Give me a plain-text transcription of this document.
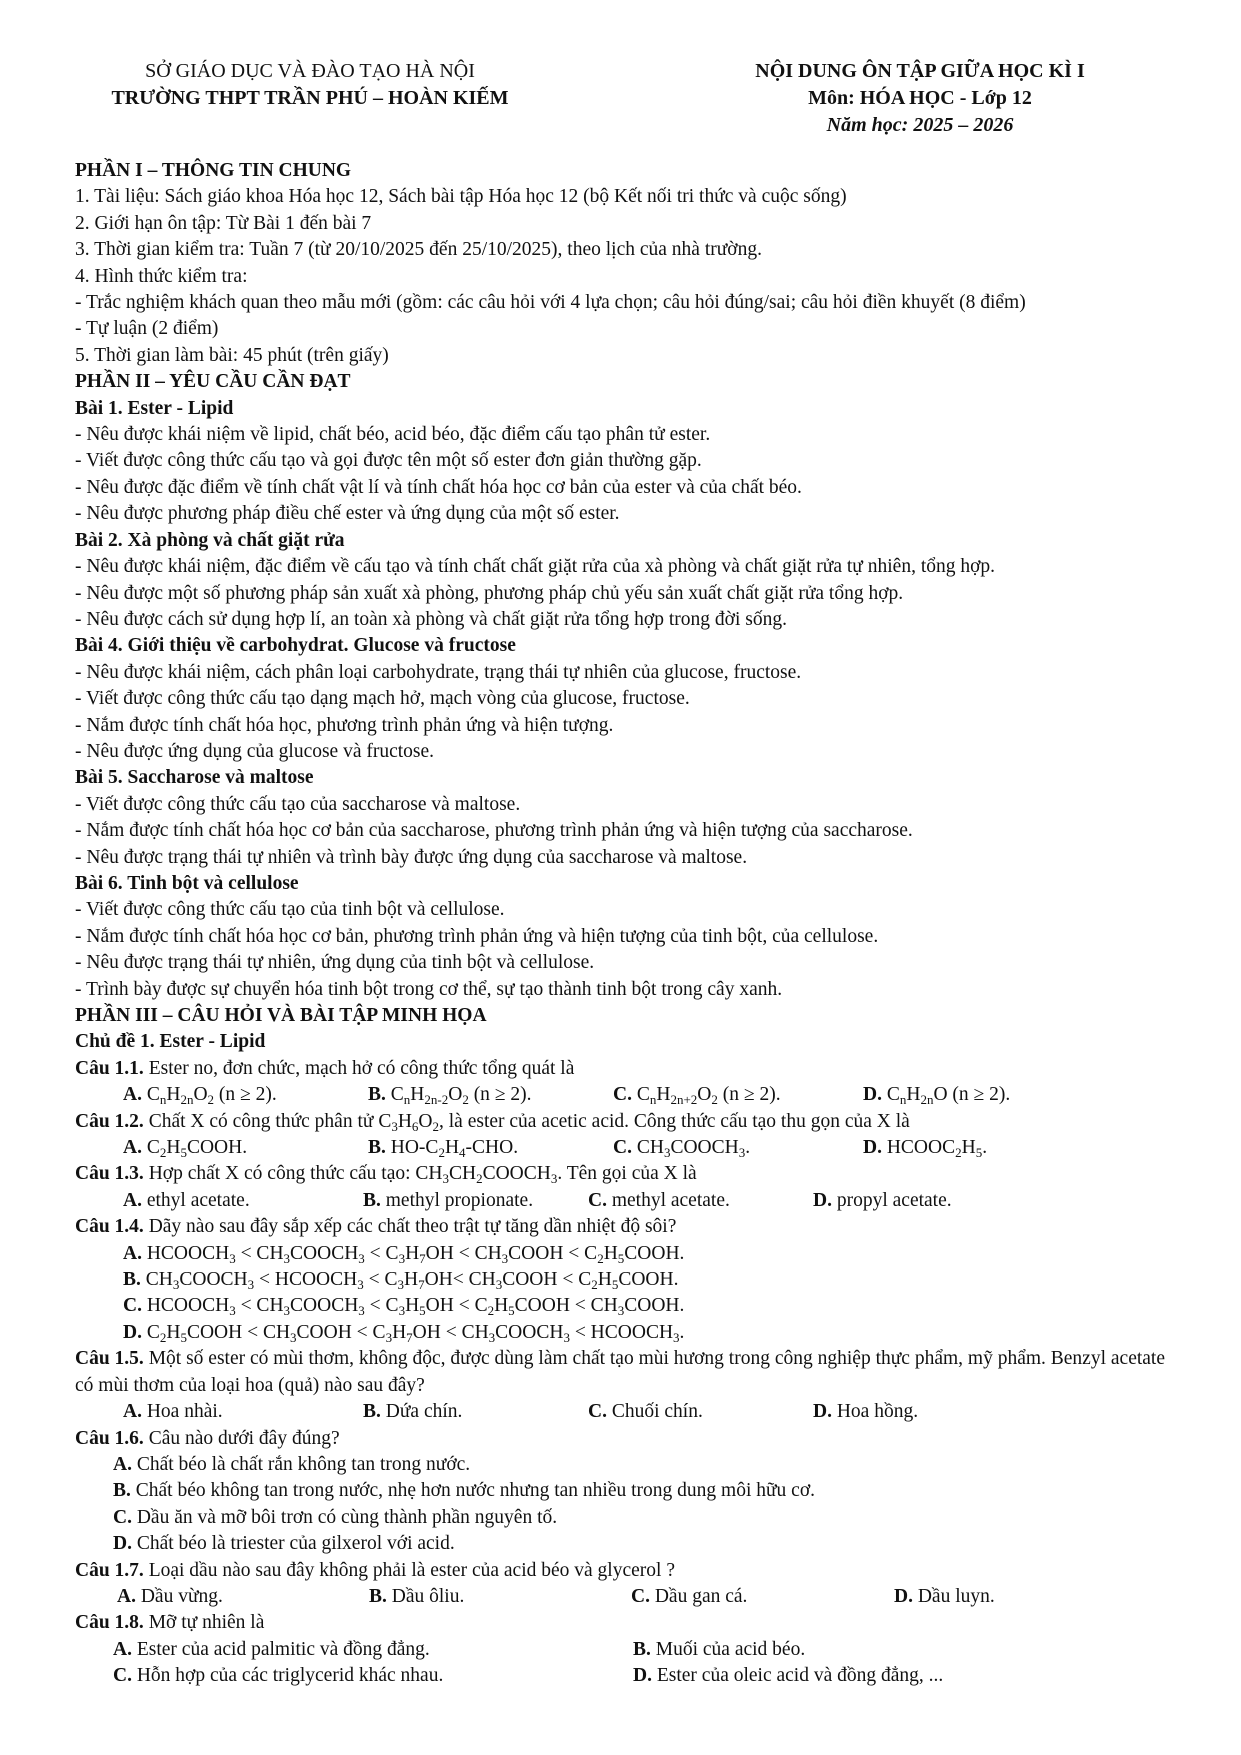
SỞ GIÁO DỤC VÀ ĐÀO TẠO HÀ NỘI
TRƯỜNG THPT TRẦN PHÚ – HOÀN KIẾM
NỘI DUNG ÔN TẬP GIỮA HỌC KÌ I
Môn: HÓA HỌC - Lớp 12
Năm học: 2025 – 2026
PHẦN I – THÔNG TIN CHUNG
1. Tài liệu: Sách giáo khoa Hóa học 12, Sách bài tập Hóa học 12 (bộ Kết nối tri thức và cuộc sống)
2. Giới hạn ôn tập: Từ Bài 1 đến bài 7
3. Thời gian kiểm tra: Tuần 7 (từ 20/10/2025 đến 25/10/2025), theo lịch của nhà trường.
4. Hình thức kiểm tra:
- Trắc nghiệm khách quan theo mẫu mới (gồm: các câu hỏi với 4 lựa chọn; câu hỏi đúng/sai; câu hỏi điền khuyết (8 điểm)
- Tự luận (2 điểm)
5. Thời gian làm bài: 45 phút (trên giấy)
PHẦN II – YÊU CẦU CẦN ĐẠT
Bài 1. Ester - Lipid
- Nêu được khái niệm về lipid, chất béo, acid béo, đặc điểm cấu tạo phân tử ester.
- Viết được công thức cấu tạo và gọi được tên một số ester đơn giản thường gặp.
- Nêu được đặc điểm về tính chất vật lí và tính chất hóa học cơ bản của ester và của chất béo.
- Nêu được phương pháp điều chế ester và ứng dụng của một số ester.
Bài 2. Xà phòng và chất giặt rửa
- Nêu được khái niệm, đặc điểm về cấu tạo và tính chất chất giặt rửa của xà phòng và chất giặt rửa tự nhiên, tổng hợp.
- Nêu được một số phương pháp sản xuất xà phòng, phương pháp chủ yếu sản xuất chất giặt rửa tổng hợp.
- Nêu được cách sử dụng hợp lí, an toàn xà phòng và chất giặt rửa tổng hợp trong đời sống.
Bài 4. Giới thiệu về carbohydrat. Glucose và fructose
- Nêu được khái niệm, cách phân loại carbohydrate, trạng thái tự nhiên của glucose, fructose.
- Viết được công thức cấu tạo dạng mạch hở, mạch vòng của glucose, fructose.
- Nắm được tính chất hóa học, phương trình phản ứng và hiện tượng.
- Nêu được ứng dụng của glucose và fructose.
Bài 5. Saccharose và maltose
- Viết được công thức cấu tạo của saccharose và maltose.
- Nắm được tính chất hóa học cơ bản của saccharose, phương trình phản ứng và hiện tượng của saccharose.
- Nêu được trạng thái tự nhiên và trình bày được ứng dụng của saccharose và maltose.
Bài 6. Tinh bột và cellulose
- Viết được công thức cấu tạo của tinh bột và cellulose.
- Nắm được tính chất hóa học cơ bản, phương trình phản ứng và hiện tượng của tinh bột, của cellulose.
- Nêu được trạng thái tự nhiên, ứng dụng của tinh bột và cellulose.
- Trình bày được sự chuyển hóa tinh bột trong cơ thể, sự tạo thành tinh bột trong cây xanh.
PHẦN III – CÂU HỎI VÀ BÀI TẬP MINH HỌA
Chủ đề 1. Ester - Lipid
Câu 1.1. Ester no, đơn chức, mạch hở có công thức tổng quát là
A. $C_nH_{2n}O_2$ (n ≥ 2).	B. $C_nH_{2n-2}O_2$ (n ≥ 2).	C. $C_nH_{2n+2}O_2$ (n ≥ 2).	D. $C_nH_{2n}O$ (n ≥ 2).
Câu 1.2. Chất X có công thức phân tử $C_3H_6O_2$, là ester của acetic acid. Công thức cấu tạo thu gọn của X là
A. $C_2H_5COOH$.	B. $HO-C_2H_4$-CHO.	C. $CH_3COOCH_3$.	D. $HCOOC_2H_5$.
Câu 1.3. Hợp chất X có công thức cấu tạo: $CH_3CH_2COOCH_3$. Tên gọi của X là
A. ethyl acetate.	B. methyl propionate.	C. methyl acetate.	D. propyl acetate.
Câu 1.4. Dãy nào sau đây sắp xếp các chất theo trật tự tăng dần nhiệt độ sôi?
A. $HCOOCH_3$ < $CH_3COOCH_3 < C_3H_7OH$ < $CH_3COOH$ < $C_2H_5COOH$.
B. $CH_3COOCH_3$ < $HCOOCH_3 < C_3H_7OH<$ $CH_3COOH$ < $C_2H_5COOH$.
C. $HCOOCH_3$ < $CH_3COOCH_3 < C_3H_5OH$ < $C_2H_5COOH$ < $CH_3COOH$.
D. $C_2H_5COOH$ < $CH_3COOH < C_3H_7OH$ < $CH_3COOCH_3$ < $HCOOCH_3$.
Câu 1.5. Một số ester có mùi thơm, không độc, được dùng làm chất tạo mùi hương trong công nghiệp thực phẩm, mỹ phẩm. Benzyl acetate có mùi thơm của loại hoa (quả) nào sau đây?
A. Hoa nhài.	B. Dứa chín.	C. Chuối chín.	D. Hoa hồng.
Câu 1.6. Câu nào dưới đây đúng?
A. Chất béo là chất rắn không tan trong nước.
B. Chất béo không tan trong nước, nhẹ hơn nước nhưng tan nhiều trong dung môi hữu cơ.
C. Dầu ăn và mỡ bôi trơn có cùng thành phần nguyên tố.
D. Chất béo là triester của gilxerol với acid.
Câu 1.7. Loại dầu nào sau đây không phải là ester của acid béo và glycerol ?
A. Dầu vừng.	B. Dầu ôliu.	C. Dầu gan cá.	D. Dầu luyn.
Câu 1.8. Mỡ tự nhiên là
A. Ester của acid palmitic và đồng đẳng.	B. Muối của acid béo.
C. Hỗn hợp của các triglycerid khác nhau.	D. Ester của oleic acid và đồng đẳng, ...
